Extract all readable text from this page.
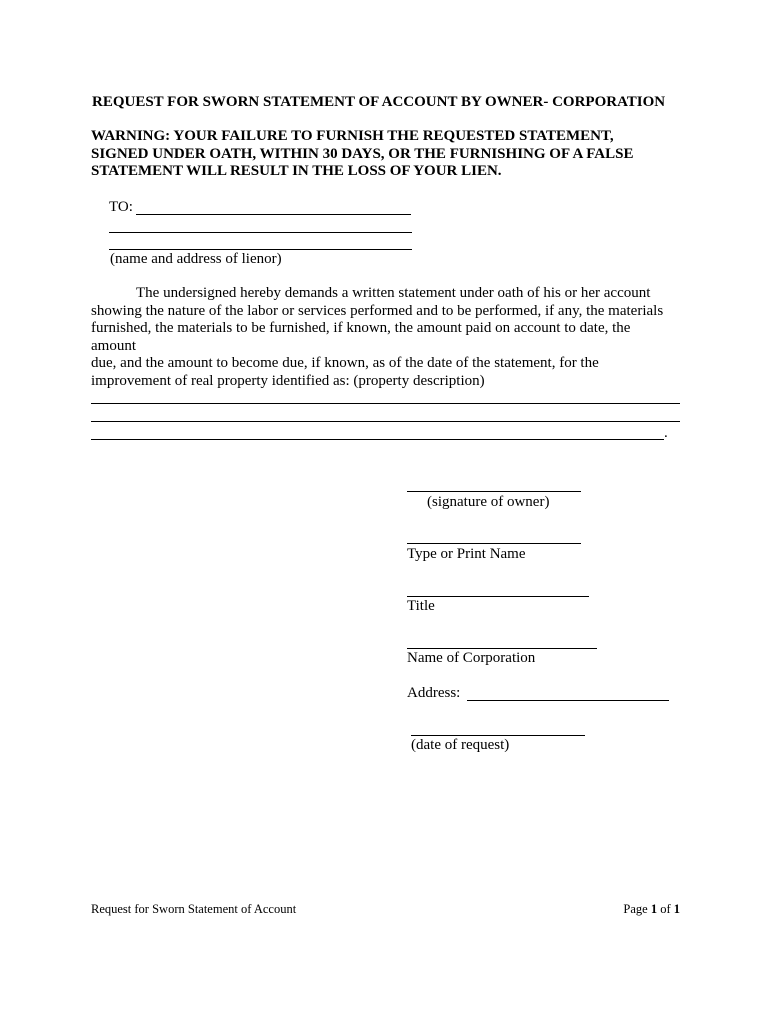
REQUEST FOR SWORN STATEMENT OF ACCOUNT BY OWNER- CORPORATION
WARNING: YOUR FAILURE TO FURNISH THE REQUESTED STATEMENT,
SIGNED UNDER OATH, WITHIN 30 DAYS, OR THE FURNISHING OF A FALSE
STATEMENT WILL RESULT IN THE LOSS OF YOUR LIEN.
TO:
(name and address of lienor)
The undersigned hereby demands a written statement under oath of his or her account
showing the nature of the labor or services performed and to be performed, if any, the materials
furnished, the materials to be furnished, if known, the amount paid on account to date, the
amount
due, and the amount to become due, if known, as of the date of the statement, for the
improvement of real property identified as: (property description)
.
(signature of owner)
Type or Print Name
Title
Name of Corporation
Address:
(date of request)
Request for Sworn Statement of Account	Page 1 of 1
